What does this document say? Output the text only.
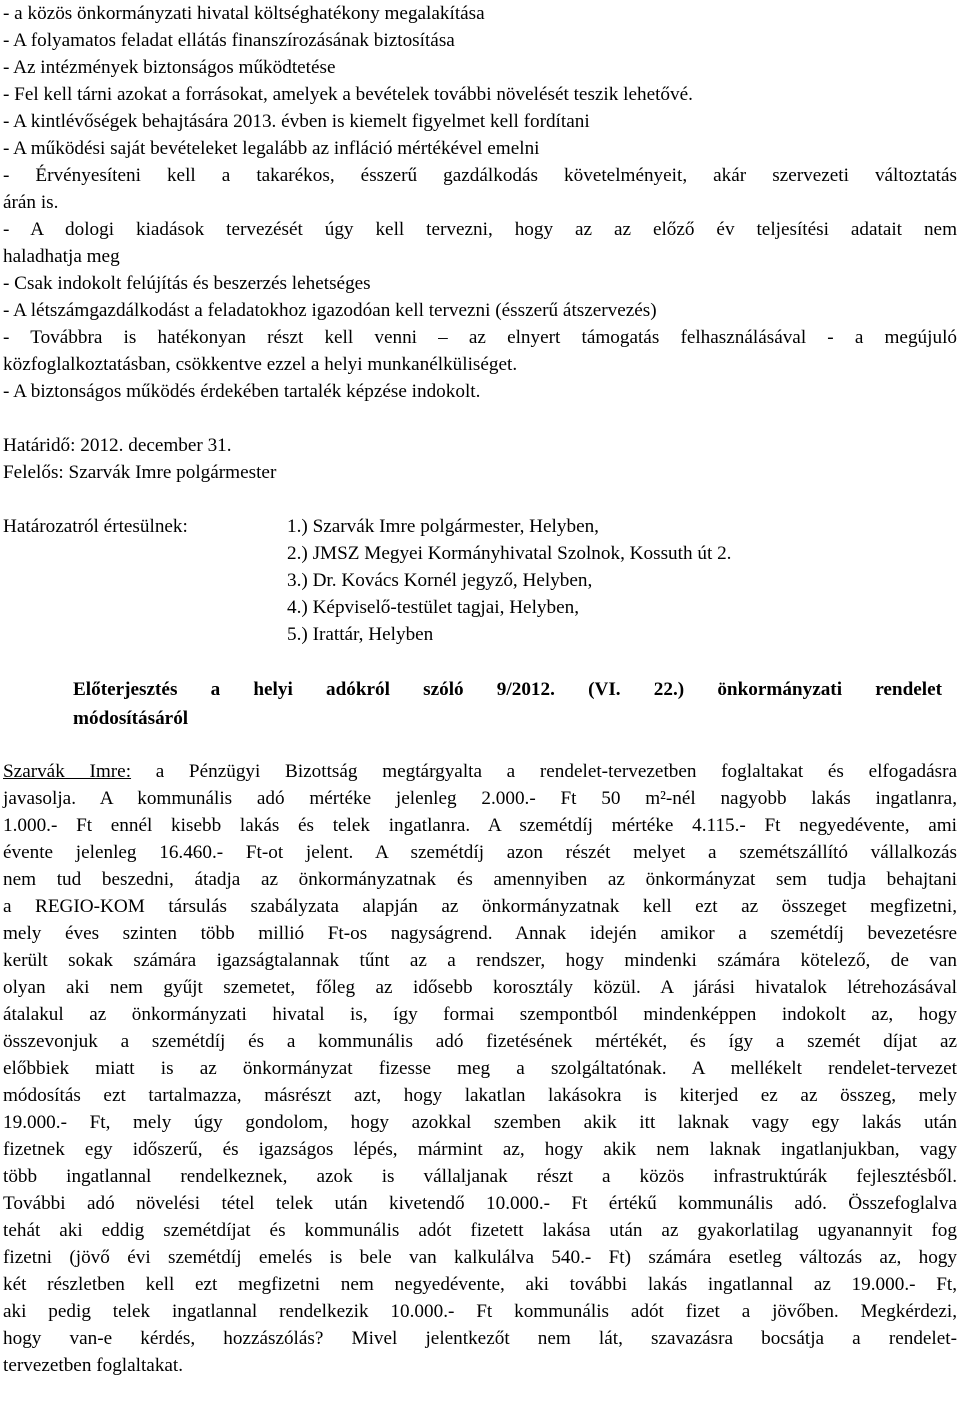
- a közös önkormányzati hivatal költséghatékony megalakítása
- A folyamatos feladat ellátás finanszírozásának biztosítása
- Az intézmények biztonságos működtetése
- Fel kell tárni azokat a forrásokat, amelyek a bevételek további növelését teszik lehetővé.
- A kintlévőségek behajtására 2013. évben is kiemelt figyelmet kell fordítani
- A működési saját bevételeket legalább az infláció mértékével emelni
- Érvényesíteni kell a takarékos, ésszerű gazdálkodás követelményeit, akár szervezeti változtatás
árán is.
- A dologi kiadások tervezését úgy kell tervezni, hogy az az előző év teljesítési adatait nem
haladhatja meg
- Csak indokolt felújítás és beszerzés lehetséges
- A létszámgazdálkodást a feladatokhoz igazodóan kell tervezni (ésszerű átszervezés)
- Továbbra is hatékonyan részt kell venni – az elnyert támogatás felhasználásával - a megújuló
közfoglalkoztatásban, csökkentve ezzel a helyi munkanélküliséget.
- A biztonságos működés érdekében tartalék képzése indokolt.
Határidő: 2012. december 31.
Felelős: Szarvák Imre polgármester
Határozatról értesülnek:	1.) Szarvák Imre polgármester, Helyben,
2.) JMSZ Megyei Kormányhivatal Szolnok, Kossuth út 2.
3.) Dr. Kovács Kornél jegyző, Helyben,
4.) Képviselő-testület tagjai, Helyben,
5.) Irattár, Helyben
Előterjesztés a helyi adókról szóló 9/2012. (VI. 22.) önkormányzati rendelet
módosításáról
Szarvák Imre: a Pénzügyi Bizottság megtárgyalta a rendelet-tervezetben foglaltakat és elfogadásra
javasolja. A kommunális adó mértéke jelenleg 2.000.- Ft 50 m²-nél nagyobb lakás ingatlanra,
1.000.- Ft ennél kisebb lakás és telek ingatlanra. A szemétdíj mértéke 4.115.- Ft negyedévente, ami
évente jelenleg 16.460.- Ft-ot jelent. A szemétdíj azon részét melyet a szemétszállító vállalkozás
nem tud beszedni, átadja az önkormányzatnak és amennyiben az önkormányzat sem tudja behajtani
a REGIO-KOM társulás szabályzata alapján az önkormányzatnak kell ezt az összeget megfizetni,
mely éves szinten több millió Ft-os nagyságrend. Annak idején amikor a szemétdíj bevezetésre
került sokak számára igazságtalannak tűnt az a rendszer, hogy mindenki számára kötelező, de van
olyan aki nem gyűjt szemetet, főleg az idősebb korosztály közül. A járási hivatalok létrehozásával
átalakul az önkormányzati hivatal is, így formai szempontból mindenképpen indokolt az, hogy
összevonjuk a szemétdíj és a kommunális adó fizetésének mértékét, és így a szemét díjat az
előbbiek miatt is az önkormányzat fizesse meg a szolgáltatónak. A mellékelt rendelet-tervezet
módosítás ezt tartalmazza, másrészt azt, hogy lakatlan lakásokra is kiterjed ez az összeg, mely
19.000.- Ft, mely úgy gondolom, hogy azokkal szemben akik itt laknak vagy egy lakás után
fizetnek egy időszerű, és igazságos lépés, mármint az, hogy akik nem laknak ingatlanjukban, vagy
több ingatlannal rendelkeznek, azok is vállaljanak részt a közös infrastruktúrák fejlesztésből.
További adó növelési tétel telek után kivetendő 10.000.- Ft értékű kommunális adó. Összefoglalva
tehát aki eddig szemétdíjat és kommunális adót fizetett lakása után az gyakorlatilag ugyanannyit fog
fizetni (jövő évi szemétdíj emelés is bele van kalkulálva 540.- Ft) számára esetleg változás az, hogy
két részletben kell ezt megfizetni nem negyedévente, aki további lakás ingatlannal az 19.000.- Ft,
aki pedig telek ingatlannal rendelkezik 10.000.- Ft kommunális adót fizet a jövőben. Megkérdezi,
hogy van-e kérdés, hozzászólás? Mivel jelentkezőt nem lát, szavazásra bocsátja a rendelet-
tervezetben foglaltakat.
